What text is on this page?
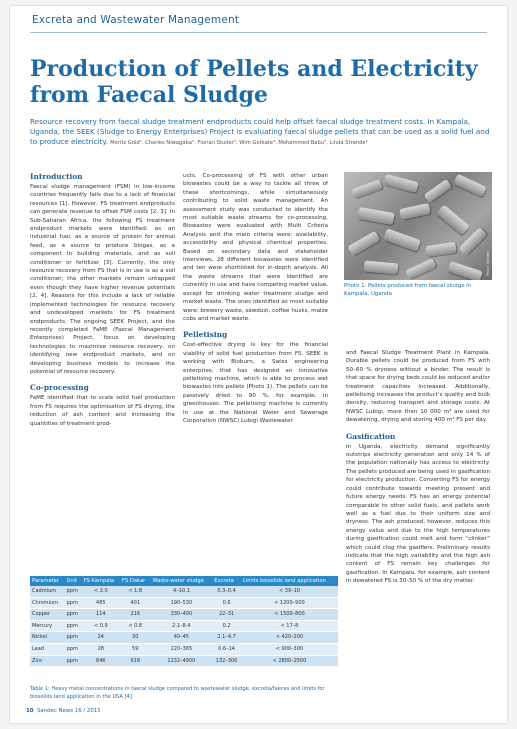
Excreta and Wastewater Management
Production of Pellets and Electricity from Faecal Sludge

Resource recovery from faecal sludge treatment endproducts could help offset faecal sludge treatment costs. In Kampala, Uganda, the SEEK (Sludge to Energy Enterprises) Project is evaluating faecal sludge pellets that can be used as a solid fuel and to produce electricity. Moritz Gold¹, Charles Niwagaba², Florian Studer³, Wim Getkate⁴, Mohammed Babu⁵, Linda Strande¹

Introduction

Faecal sludge management (FSM) in low-income countries frequently fails due to a lack of financial resources [1]. However, FS treatment endproducts can generate revenue to offset FSM costs [2, 3]. In Sub-Saharan Africa, the following FS treatment endproduct markets were identified: as an industrial fuel, as a source of protein for animal feed, as a source to produce biogas, as a component in building materials, and as soil conditioner or fertilizer [3]. Currently, the only resource recovery from FS that is in use is as a soil conditioner; the other markets remain untapped even though they have higher revenue potentials [2, 4]. Reasons for this include a lack of reliable implemented technologies for resource recovery and undeveloped markets for FS treatment endproducts. The ongoing SEEK Project, and the recently completed FaME (Faecal Management Enterprises) Project, focus on developing technologies to maximise resource recovery, on identifying new endproduct markets, and on developing business models to increase the potential of resource recovery.

Co-processing

FaME identified that to scale solid fuel production from FS requires the optimisation of FS drying, the reduction of ash content and increasing the quantities of treatment prod-

ucts. Co-processing of FS with other urban biowastes could be a way to tackle all three of these shortcomings, while simultaneously contributing to solid waste management. An assessment study was conducted to identify the most suitable waste streams for co-processing. Biowastes were evaluated with Multi Criteria Analysis and the main criteria were: availability, accessibility and physical chemical properties. Based on secondary data and stakeholder interviews, 28 different biowastes were identified and ten were shortlisted for in-depth analysis. All the waste streams that were identified are currently in use and have competing market value, except for drinking water treatment sludge and market waste. The ones identified as most suitable were: brewery waste, sawdust, coffee husks, maize cobs and market waste.

Pelletising

Cost-effective drying is key for the financial viability of solid fuel production from FS. SEEK is working with Bioburn, a Swiss engineering enterprise, that has designed an innovative pelletising machine, which is able to process wet biowastes into pellets (Photo 1). The pellets can be passively dried to 90 %, for example, in greenhouses. The pelletising machine is currently in use at the National Water and Sewerage Corporation (NWSC) Lubigi Wastewater

Photo: Sandec
Photo 1: Pellets produced from faecal sludge in Kampala, Uganda

and Faecal Sludge Treatment Plant in Kampala. Durable pellets could be produced from FS with 50–60 % dryness without a binder. The result is that space for drying beds could be reduced and/or treatment capacities increased. Additionally, pelletising increases the product’s quality and bulk density, reducing transport and storage costs. At NWSC Lubigi, more than 10 000 m³ are used for dewatering, drying and storing 400 m³ FS per day.

Gasification

In Uganda, electricity demand significantly outstrips electricity generation and only 14 % of the population nationally has access to electricity. The pellets produced are being used in gasification for electricity production. Converting FS for energy could contribute towards meeting present and future energy needs. FS has an energy potential comparable to other solid fuels, and pellets work well as a fuel due to their uniform size and dryness. The ash produced, however, reduces this energy value and due to the high temperatures during gasification could melt and form “clinker” which could clog the gasifiers. Preliminary results indicate that the high variability and the high ash content of FS remain key challenges for gasification. In Kampala, for example, ash content in dewatered FS is 30–50 % of the dry matter.

Parameter	Unit	FS Kampala	FS Dakar	Waste-water sludge	Excreta	Limits biosolids land application
Cadmium	ppm	< 2.0	< 1.8	4–10.1	0.3–0.4	< 39–10
Chromium	ppm	485	401	190–530	0.6	< 1200–900
Copper	ppm	114	216	330–400	22–31	< 1500–800
Mercury	ppm	< 0.9	< 0.8	2.1–8.4	0.2	< 17–8
Nickel	ppm	24	30	40–45	2.1–4.7	< 420–200
Lead	ppm	28	59	220–365	0.6–14	< 900–300
Zinc	ppm	846	918	1132–4900	132–306	< 2800–2500
Table 1: Heavy metal concentrations in faecal sludge compared to wastewater sludge, excreta/faeces and limits for biosolids land application in the USA [4].
10 Sandec News 16 / 2015
